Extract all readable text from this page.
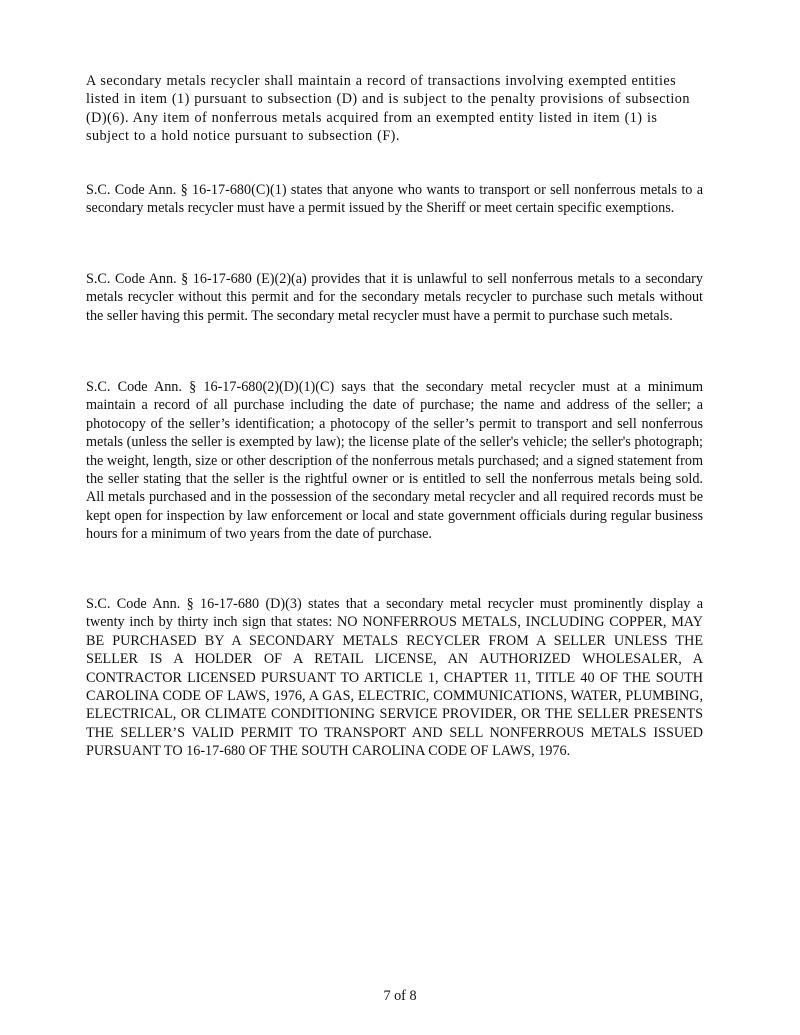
A secondary metals recycler shall maintain a record of transactions involving exempted entities listed in item (1) pursuant to subsection (D) and is subject to the penalty provisions of subsection (D)(6). Any item of nonferrous metals acquired from an exempted entity listed in item (1) is subject to a hold notice pursuant to subsection (F).

S.C. Code Ann. § 16-17-680(C)(1) states that anyone who wants to transport or sell nonferrous metals to a secondary metals recycler must have a permit issued by the Sheriff or meet certain specific exemptions.

S.C. Code Ann. § 16-17-680 (E)(2)(a) provides that it is unlawful to sell nonferrous metals to a secondary metals recycler without this permit and for the secondary metals recycler to purchase such metals without the seller having this permit. The secondary metal recycler must have a permit to purchase such metals.

S.C. Code Ann. § 16-17-680(2)(D)(1)(C) says that the secondary metal recycler must at a minimum maintain a record of all purchase including the date of purchase; the name and address of the seller; a photocopy of the seller’s identification; a photocopy of the seller’s permit to transport and sell nonferrous metals (unless the seller is exempted by law); the license plate of the seller's vehicle; the seller's photograph; the weight, length, size or other description of the nonferrous metals purchased; and a signed statement from the seller stating that the seller is the rightful owner or is entitled to sell the nonferrous metals being sold. All metals purchased and in the possession of the secondary metal recycler and all required records must be kept open for inspection by law enforcement or local and state government officials during regular business hours for a minimum of two years from the date of purchase.

S.C. Code Ann. § 16-17-680 (D)(3) states that a secondary metal recycler must prominently display a twenty inch by thirty inch sign that states: NO NONFERROUS METALS, INCLUDING COPPER, MAY BE PURCHASED BY A SECONDARY METALS RECYCLER FROM A SELLER UNLESS THE SELLER IS A HOLDER OF A RETAIL LICENSE, AN AUTHORIZED WHOLESALER, A CONTRACTOR LICENSED PURSUANT TO ARTICLE 1, CHAPTER 11, TITLE 40 OF THE SOUTH CAROLINA CODE OF LAWS, 1976, A GAS, ELECTRIC, COMMUNICATIONS, WATER, PLUMBING, ELECTRICAL, OR CLIMATE CONDITIONING SERVICE PROVIDER, OR THE SELLER PRESENTS THE SELLER’S VALID PERMIT TO TRANSPORT AND SELL NONFERROUS METALS ISSUED PURSUANT TO 16-17-680 OF THE SOUTH CAROLINA CODE OF LAWS, 1976.

7 of 8
